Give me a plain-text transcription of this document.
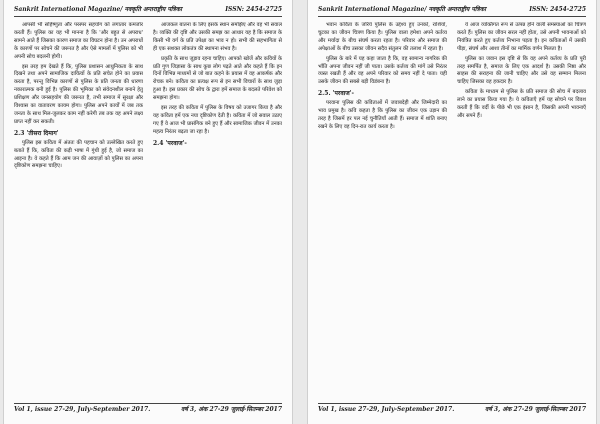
Sankrit International Magazine/ नवकृति अन्तराष्ट्रीय पत्रिका	ISSN: 2454-2725

आपसी भी सहिष्णुता और परस्पर सहयोग को लगातार कमजोर करती हैं। पुलिस का यह भी मानना है कि 'और बहुत से अपराध' सामने आते हैं जिसका कारण समाज का विघटन होना है। उन अपराधों के कारणों पर सोचने की जरूरत है और ऐसे मामलों में पुलिस को भी अपनी सोच बदलनी होगी।

इस तरह हम देखते हैं कि, पुलिस प्रशासन आधुनिकता के साथ दिखने तथा अपने सामाजिक दायित्वों के प्रति सचेत होने का प्रयास करता है, परन्तु विभिन्न कारणों से पुलिस के प्रति जनता की धारणा नकारात्मक बनी हुई है। पुलिस की भूमिका को संवेदनशील बनाने हेतु प्रशिक्षण और जनसहयोग की जरूरत है, तभी समाज में सुरक्षा और विश्वास का वातावरण कायम होगा। पुलिस अपने कार्यों में जब तक जनता के साथ मिल-जुलकर काम नहीं करेगी तब तक वह अपने लक्ष्य प्राप्त नहीं कर सकती।

2.3 'तीसरा दिमाग'

पुलिस इस कविता में अंततः की पहचान को उल्लेखित करते हुए बताते हैं कि, कविता की कड़ी भाषा में गुंथी हुई है, जो समाज का आइना है। वे कहते हैं कि आम जन की आवाज़ों को पुलिस का अपना दृष्टिकोण समझना चाहिए।

आजकल बातना के लिए इसके स्थान समझिए और वह भी सवाल है। व्यक्ति की दृष्टि और उसकी समझ का आधार यह है कि समाज के किसी भी वर्ग के प्रति उपेक्षा का भाव न हो। सभी की सहभागिता से ही एक सशक्त लोकतंत्र की स्थापना संभव है।

प्रकृति के साथ जुड़ाव रहना चाहिए। आपको खोजें और कवियों के प्रति गुण जिज्ञासा के साथ कुछ लोग पढ़ते आते और कहते हैं कि इन दिनों विभिन्न माध्यमों से जो बात कहने के प्रयास में वह आकर्षक और रोचक बने। कविता का प्रत्यक्ष रूप से इन सभी विचारों के साथ जुड़ा हुआ है। इस प्रकार की सोच के द्वारा हमें समाज के बदलते परिवेश को समझना होगा।

इस तरह की कविता में पुलिस के विषय को उजागर किया है और यह कविता हमें एक नया दृष्टिकोण देती है। कविता में जो सवाल उठाए गए हैं वे आज भी प्रासंगिक बने हुए हैं और सामाजिक जीवन में उनका महत्व निरंतर बढ़ता जा रहा है।

2.4 'परवाज'-
Vol 1, issue 27-29, July-September 2017.	वर्ष 3, अंक 27-29 जुलाई-सितम्बर 2017
Sankrit International Magazine/ नवकृति अन्तराष्ट्रीय पत्रिका	ISSN: 2454-2725

भवान कविता के जरिये पुलिस के उद्देश्य हुए उनको, राशियों, चुटका का जीवन चित्रण किया है। पुलिस वाला हमेशा अपने कर्तव्य और मर्यादा के बीच संघर्ष करता रहता है। परिवार और समाज की अपेक्षाओं के बीच उसका जीवन सदैव संतुलन की तलाश में रहता है।

पुलिस के बारे में यह कहा जाता है कि, वह सामान्य नागरिक की भाँति अपना जीवन नहीं जी पाता। उसके कर्तव्य की मांगें उसे निरंतर व्यस्त रखती हैं और वह अपने परिवार को समय नहीं दे पाता। यही उसके जीवन की सबसे बड़ी विडंबना है।

2.5. 'परवाज'-

परवाना पुलिस की कविताओं में जवाबदेही और जिम्मेदारी का भाव प्रमुख है। कवि कहता है कि पुलिस का जीवन एक उड़ान की तरह है जिसमें हर पल नई चुनौतियाँ आती हैं। समाज में शांति बनाए रखने के लिए वह दिन-रात कार्य करता है।

ये आज व्यक्तिगत रूप से उत्पन्न होने वाली समस्याओं का चित्रण करते हैं। पुलिस का जीवन सरल नहीं होता, उसे अपनी भावनाओं को नियंत्रित करते हुए कर्तव्य निभाना पड़ता है। इन कविताओं में उसकी पीड़ा, संघर्ष और आशा तीनों का मार्मिक वर्णन मिलता है।

पुलिस का जवान इस दृष्टि से कि वह अपने कर्तव्य के प्रति पूरी तरह समर्पित है, समाज के लिए एक आदर्श है। उसकी निष्ठा और साहस की सराहना की जानी चाहिए और उसे वह सम्मान मिलना चाहिए जिसका वह हकदार है।

कविता के माध्यम से पुलिस के प्रति समाज की सोच में बदलाव लाने का प्रयास किया गया है। ये कविताएँ हमें यह सोचने पर विवश करती हैं कि वर्दी के पीछे भी एक इंसान है, जिसकी अपनी भावनाएँ और सपने हैं।

Vol 1, issue 27-29, July-September 2017.	वर्ष 3, अंक 27-29 जुलाई-सितम्बर 2017
